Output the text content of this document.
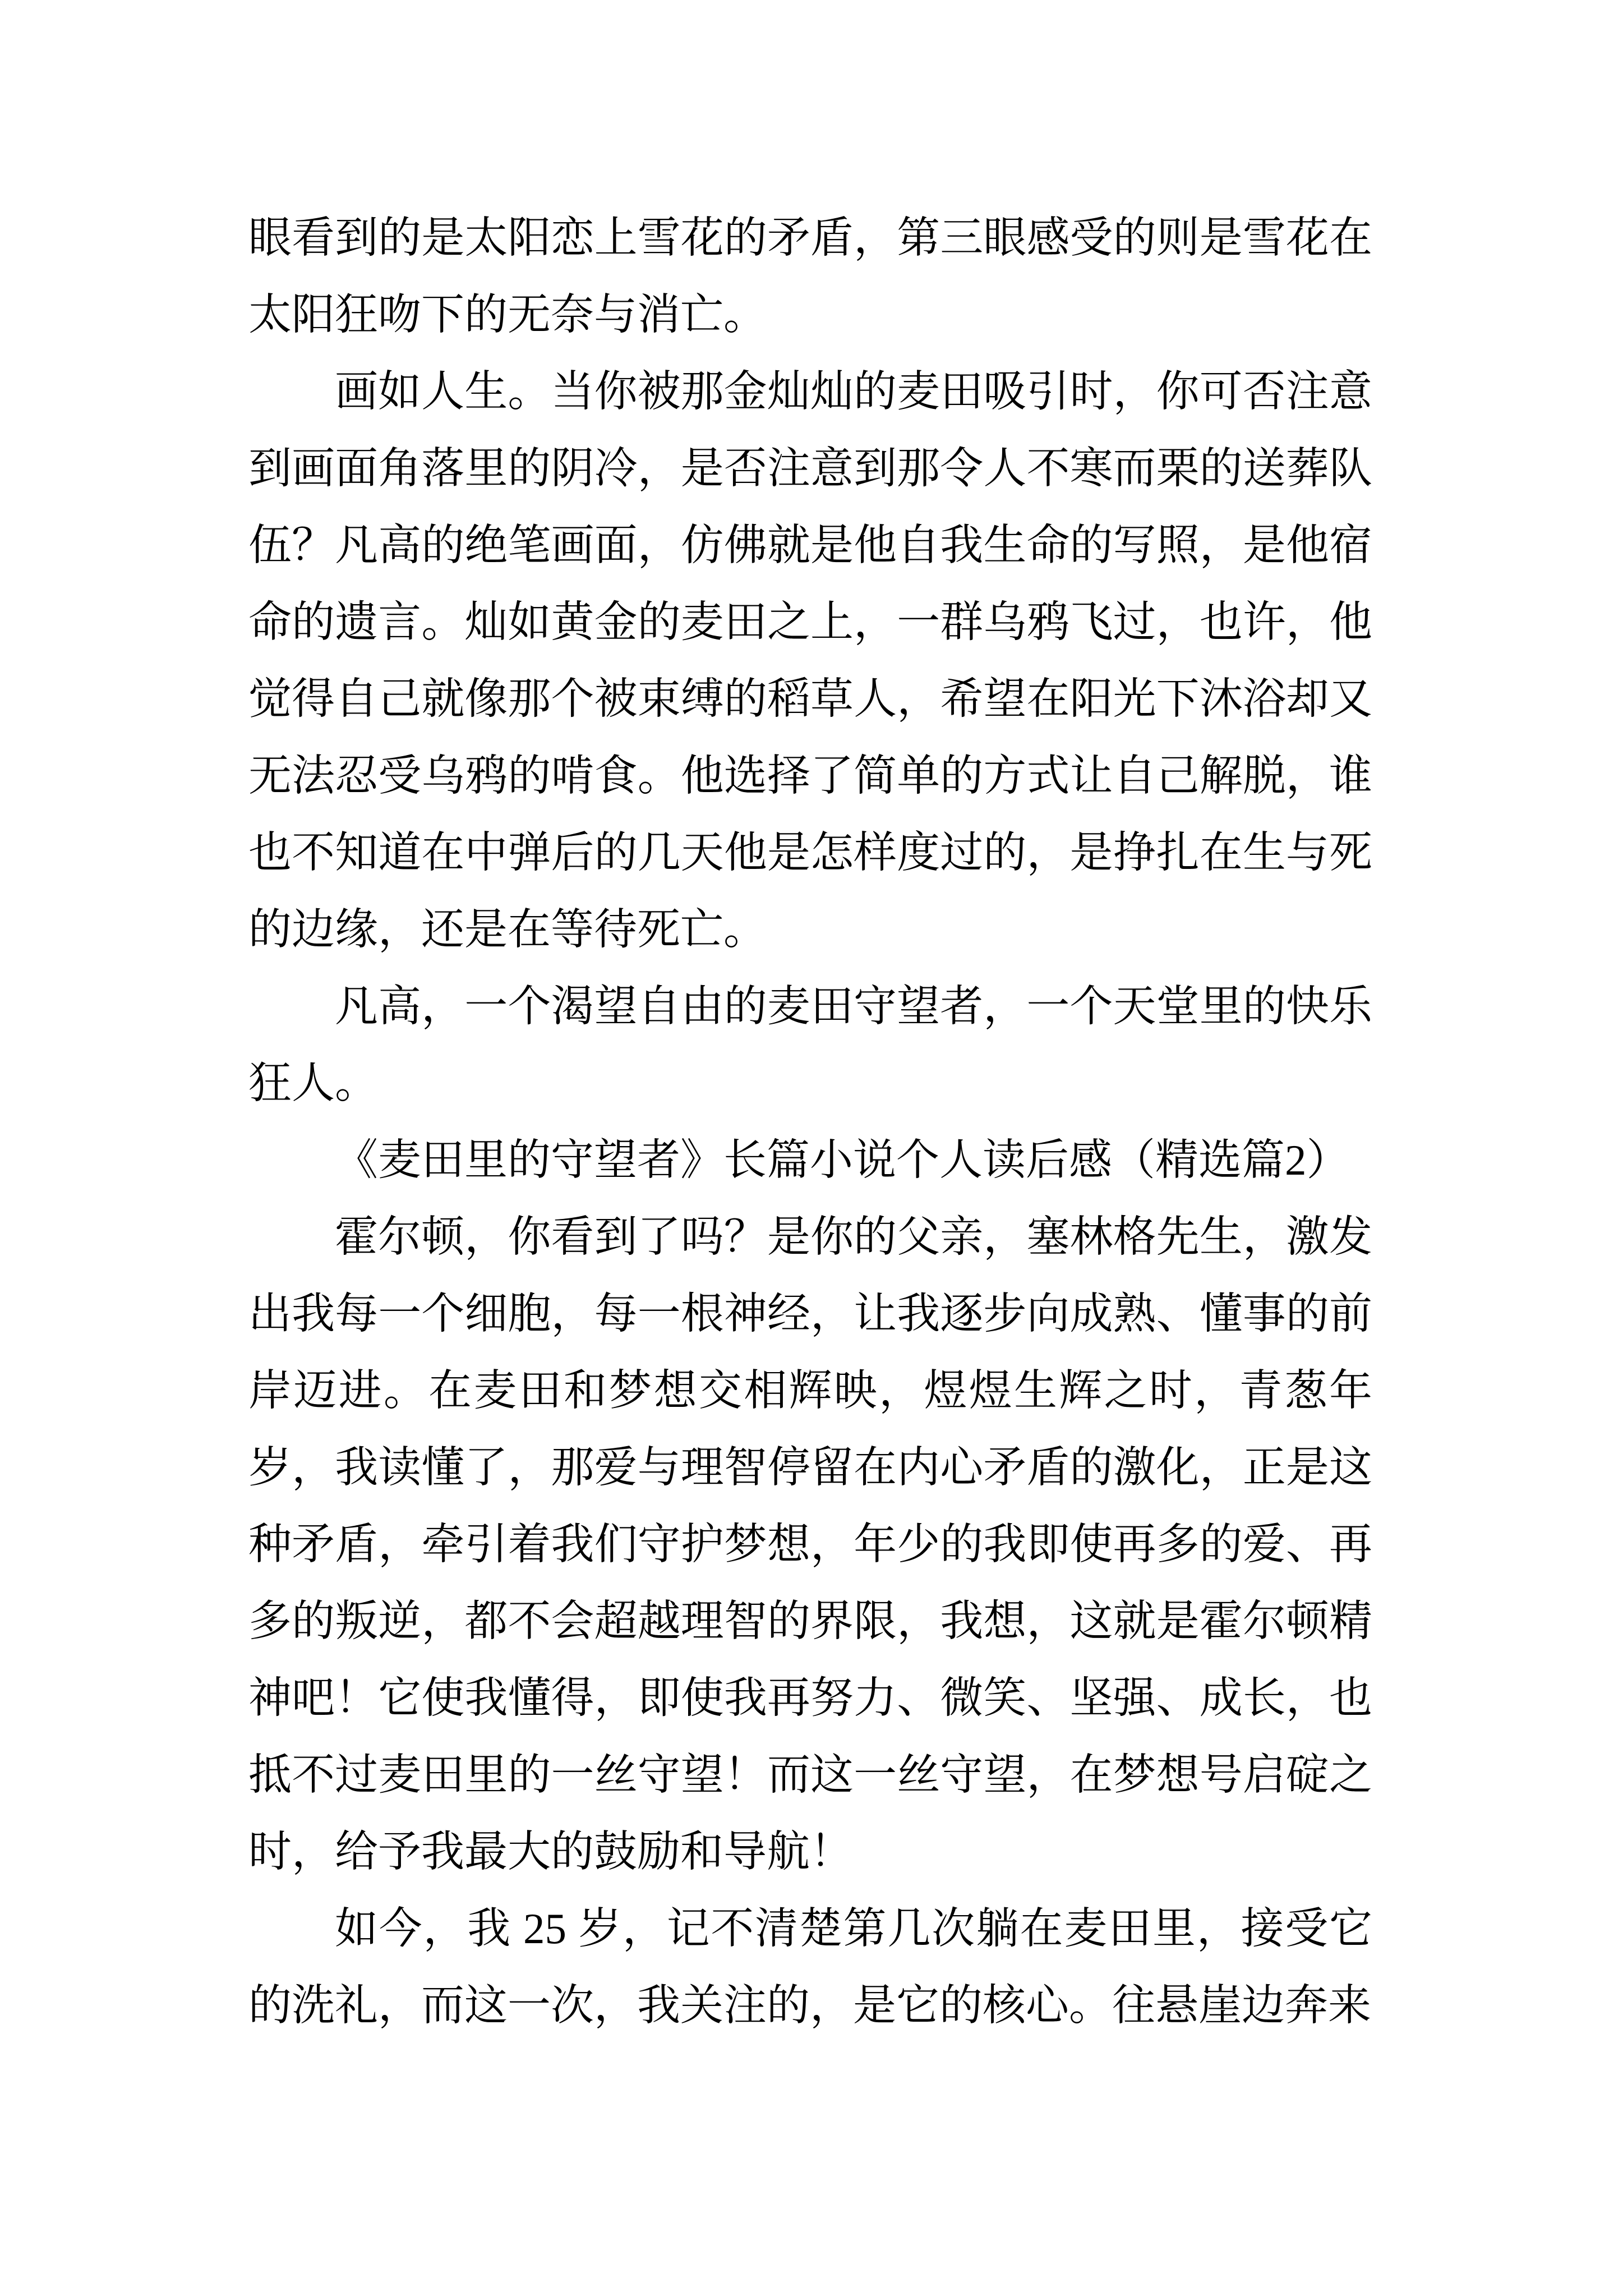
眼看到的是太阳恋上雪花的矛盾，第三眼感受的则是雪花在太阳狂吻下的无奈与消亡。

画如人生。当你被那金灿灿的麦田吸引时，你可否注意到画面角落里的阴冷，是否注意到那令人不寒而栗的送葬队伍？凡高的绝笔画面，仿佛就是他自我生命的写照，是他宿命的遗言。灿如黄金的麦田之上，一群乌鸦飞过，也许，他觉得自己就像那个被束缚的稻草人，希望在阳光下沐浴却又无法忍受乌鸦的啃食。他选择了简单的方式让自己解脱，谁也不知道在中弹后的几天他是怎样度过的，是挣扎在生与死的边缘，还是在等待死亡。

凡高，一个渴望自由的麦田守望者，一个天堂里的快乐狂人。

《麦田里的守望者》长篇小说个人读后感（精选篇2）

霍尔顿，你看到了吗？是你的父亲，塞林格先生，激发出我每一个细胞，每一根神经，让我逐步向成熟、懂事的前岸迈进。在麦田和梦想交相辉映，煜煜生辉之时，青葱年岁，我读懂了，那爱与理智停留在内心矛盾的激化，正是这种矛盾，牵引着我们守护梦想，年少的我即使再多的爱、再多的叛逆，都不会超越理智的界限，我想，这就是霍尔顿精神吧！它使我懂得，即使我再努力、微笑、坚强、成长，也抵不过麦田里的一丝守望！而这一丝守望，在梦想号启碇之时，给予我最大的鼓励和导航！

如今，我 25 岁，记不清楚第几次躺在麦田里，接受它的洗礼，而这一次，我关注的，是它的核心。往悬崖边奔来
